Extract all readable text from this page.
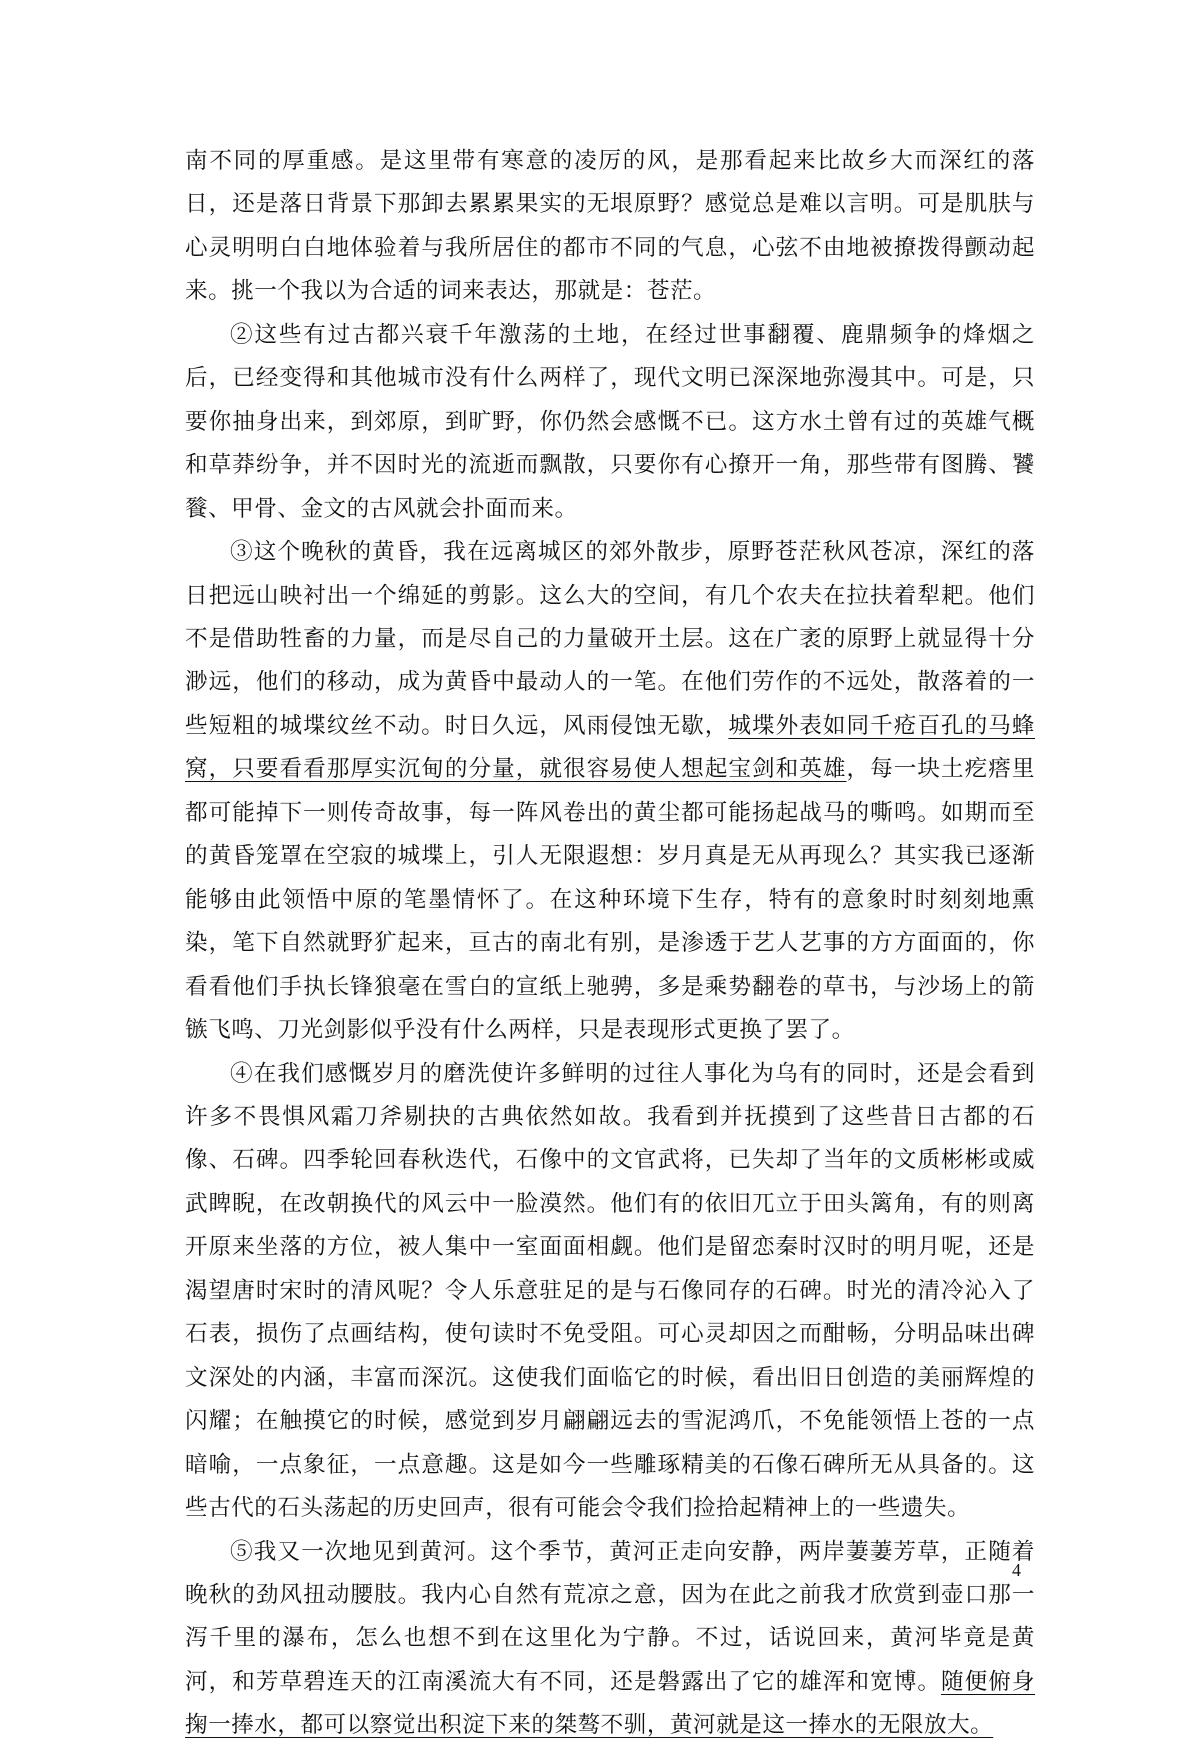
南不同的厚重感。是这里带有寒意的凌厉的风，是那看起来比故乡大而深红的落日，还是落日背景下那卸去累累果实的无垠原野？感觉总是难以言明。可是肌肤与心灵明明白白地体验着与我所居住的都市不同的气息，心弦不由地被撩拨得颤动起来。挑一个我以为合适的词来表达，那就是：苍茫。

②这些有过古都兴衰千年激荡的土地，在经过世事翻覆、鹿鼎频争的烽烟之后，已经变得和其他城市没有什么两样了，现代文明已深深地弥漫其中。可是，只要你抽身出来，到郊原，到旷野，你仍然会感慨不已。这方水土曾有过的英雄气概和草莽纷争，并不因时光的流逝而飘散，只要你有心撩开一角，那些带有图腾、饕餮、甲骨、金文的古风就会扑面而来。

③这个晚秋的黄昏，我在远离城区的郊外散步，原野苍茫秋风苍凉，深红的落日把远山映衬出一个绵延的剪影。这么大的空间，有几个农夫在拉扶着犁耙。他们不是借助牲畜的力量，而是尽自己的力量破开土层。这在广袤的原野上就显得十分渺远，他们的移动，成为黄昏中最动人的一笔。在他们劳作的不远处，散落着的一些短粗的城堞纹丝不动。时日久远，风雨侵蚀无歇，城堞外表如同千疮百孔的马蜂窝，只要看看那厚实沉甸的分量，就很容易使人想起宝剑和英雄，每一块土疙瘩里都可能掉下一则传奇故事，每一阵风卷出的黄尘都可能扬起战马的嘶鸣。如期而至的黄昏笼罩在空寂的城堞上，引人无限遐想：岁月真是无从再现么？其实我已逐渐能够由此领悟中原的笔墨情怀了。在这种环境下生存，特有的意象时时刻刻地熏染，笔下自然就野犷起来，亘古的南北有别，是渗透于艺人艺事的方方面面的，你看看他们手执长锋狼毫在雪白的宣纸上驰骋，多是乘势翻卷的草书，与沙场上的箭镞飞鸣、刀光剑影似乎没有什么两样，只是表现形式更换了罢了。

④在我们感慨岁月的磨洗使许多鲜明的过往人事化为乌有的同时，还是会看到许多不畏惧风霜刀斧剔抉的古典依然如故。我看到并抚摸到了这些昔日古都的石像、石碑。四季轮回春秋迭代，石像中的文官武将，已失却了当年的文质彬彬或威武睥睨，在改朝换代的风云中一脸漠然。他们有的依旧兀立于田头篱角，有的则离开原来坐落的方位，被人集中一室面面相觑。他们是留恋秦时汉时的明月呢，还是渴望唐时宋时的清风呢？令人乐意驻足的是与石像同存的石碑。时光的清冷沁入了石表，损伤了点画结构，使句读时不免受阻。可心灵却因之而酣畅，分明品味出碑文深处的内涵，丰富而深沉。这使我们面临它的时候，看出旧日创造的美丽辉煌的闪耀；在触摸它的时候，感觉到岁月翩翩远去的雪泥鸿爪，不免能领悟上苍的一点暗喻，一点象征，一点意趣。这是如今一些雕琢精美的石像石碑所无从具备的。这些古代的石头荡起的历史回声，很有可能会令我们捡拾起精神上的一些遗失。

⑤我又一次地见到黄河。这个季节，黄河正走向安静，两岸萋萋芳草，正随着晚秋的劲风扭动腰肢。我内心自然有荒凉之意，因为在此之前我才欣赏到壶口那一泻千里的瀑布，怎么也想不到在这里化为宁静。不过，话说回来，黄河毕竟是黄河，和芳草碧连天的江南溪流大有不同，还是磐露出了它的雄浑和宽博。随便俯身掬一捧水，都可以察觉出积淀下来的桀骜不驯，黄河就是这一捧水的无限放大。

4
